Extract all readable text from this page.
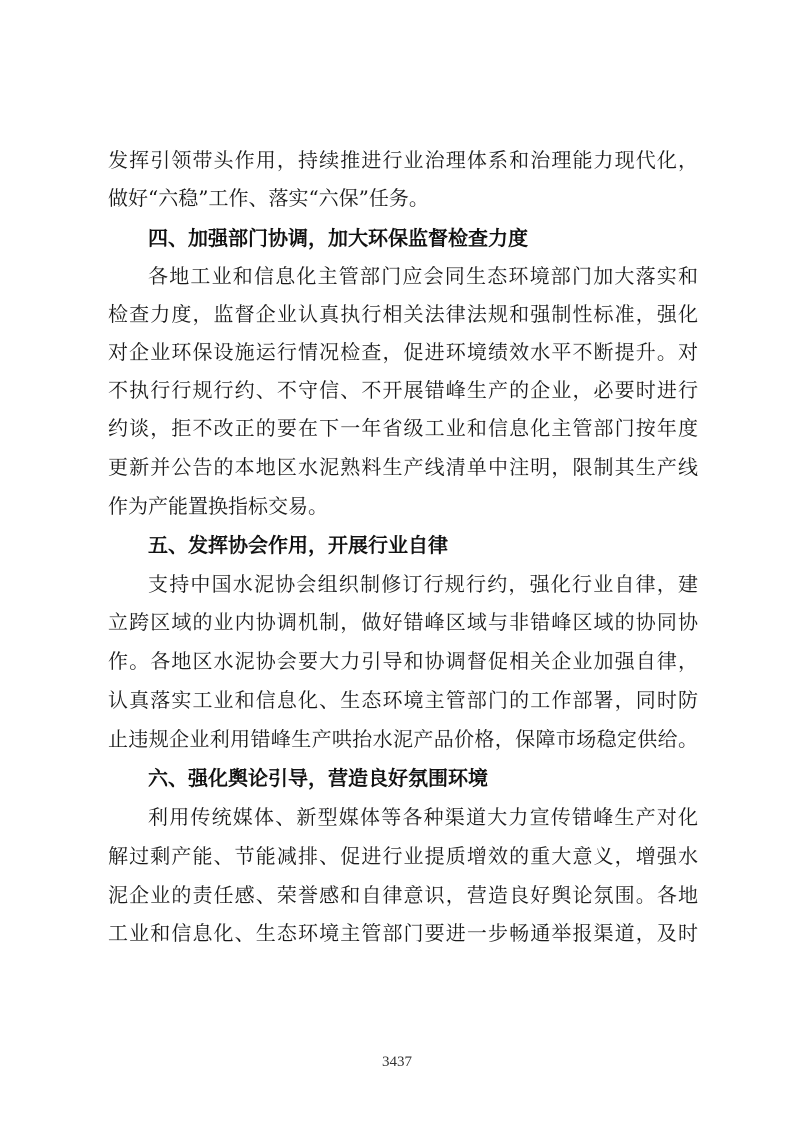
发挥引领带头作用，持续推进行业治理体系和治理能力现代化，
做好“六稳”工作、落实“六保”任务。
四、加强部门协调，加大环保监督检查力度
各地工业和信息化主管部门应会同生态环境部门加大落实和
检查力度，监督企业认真执行相关法律法规和强制性标准，强化
对企业环保设施运行情况检查，促进环境绩效水平不断提升。对
不执行行规行约、不守信、不开展错峰生产的企业，必要时进行
约谈，拒不改正的要在下一年省级工业和信息化主管部门按年度
更新并公告的本地区水泥熟料生产线清单中注明，限制其生产线
作为产能置换指标交易。
五、发挥协会作用，开展行业自律
支持中国水泥协会组织制修订行规行约，强化行业自律，建
立跨区域的业内协调机制，做好错峰区域与非错峰区域的协同协
作。各地区水泥协会要大力引导和协调督促相关企业加强自律，
认真落实工业和信息化、生态环境主管部门的工作部署，同时防
止违规企业利用错峰生产哄抬水泥产品价格，保障市场稳定供给。
六、强化舆论引导，营造良好氛围环境
利用传统媒体、新型媒体等各种渠道大力宣传错峰生产对化
解过剩产能、节能减排、促进行业提质增效的重大意义，增强水
泥企业的责任感、荣誉感和自律意识，营造良好舆论氛围。各地
工业和信息化、生态环境主管部门要进一步畅通举报渠道，及时
3437
